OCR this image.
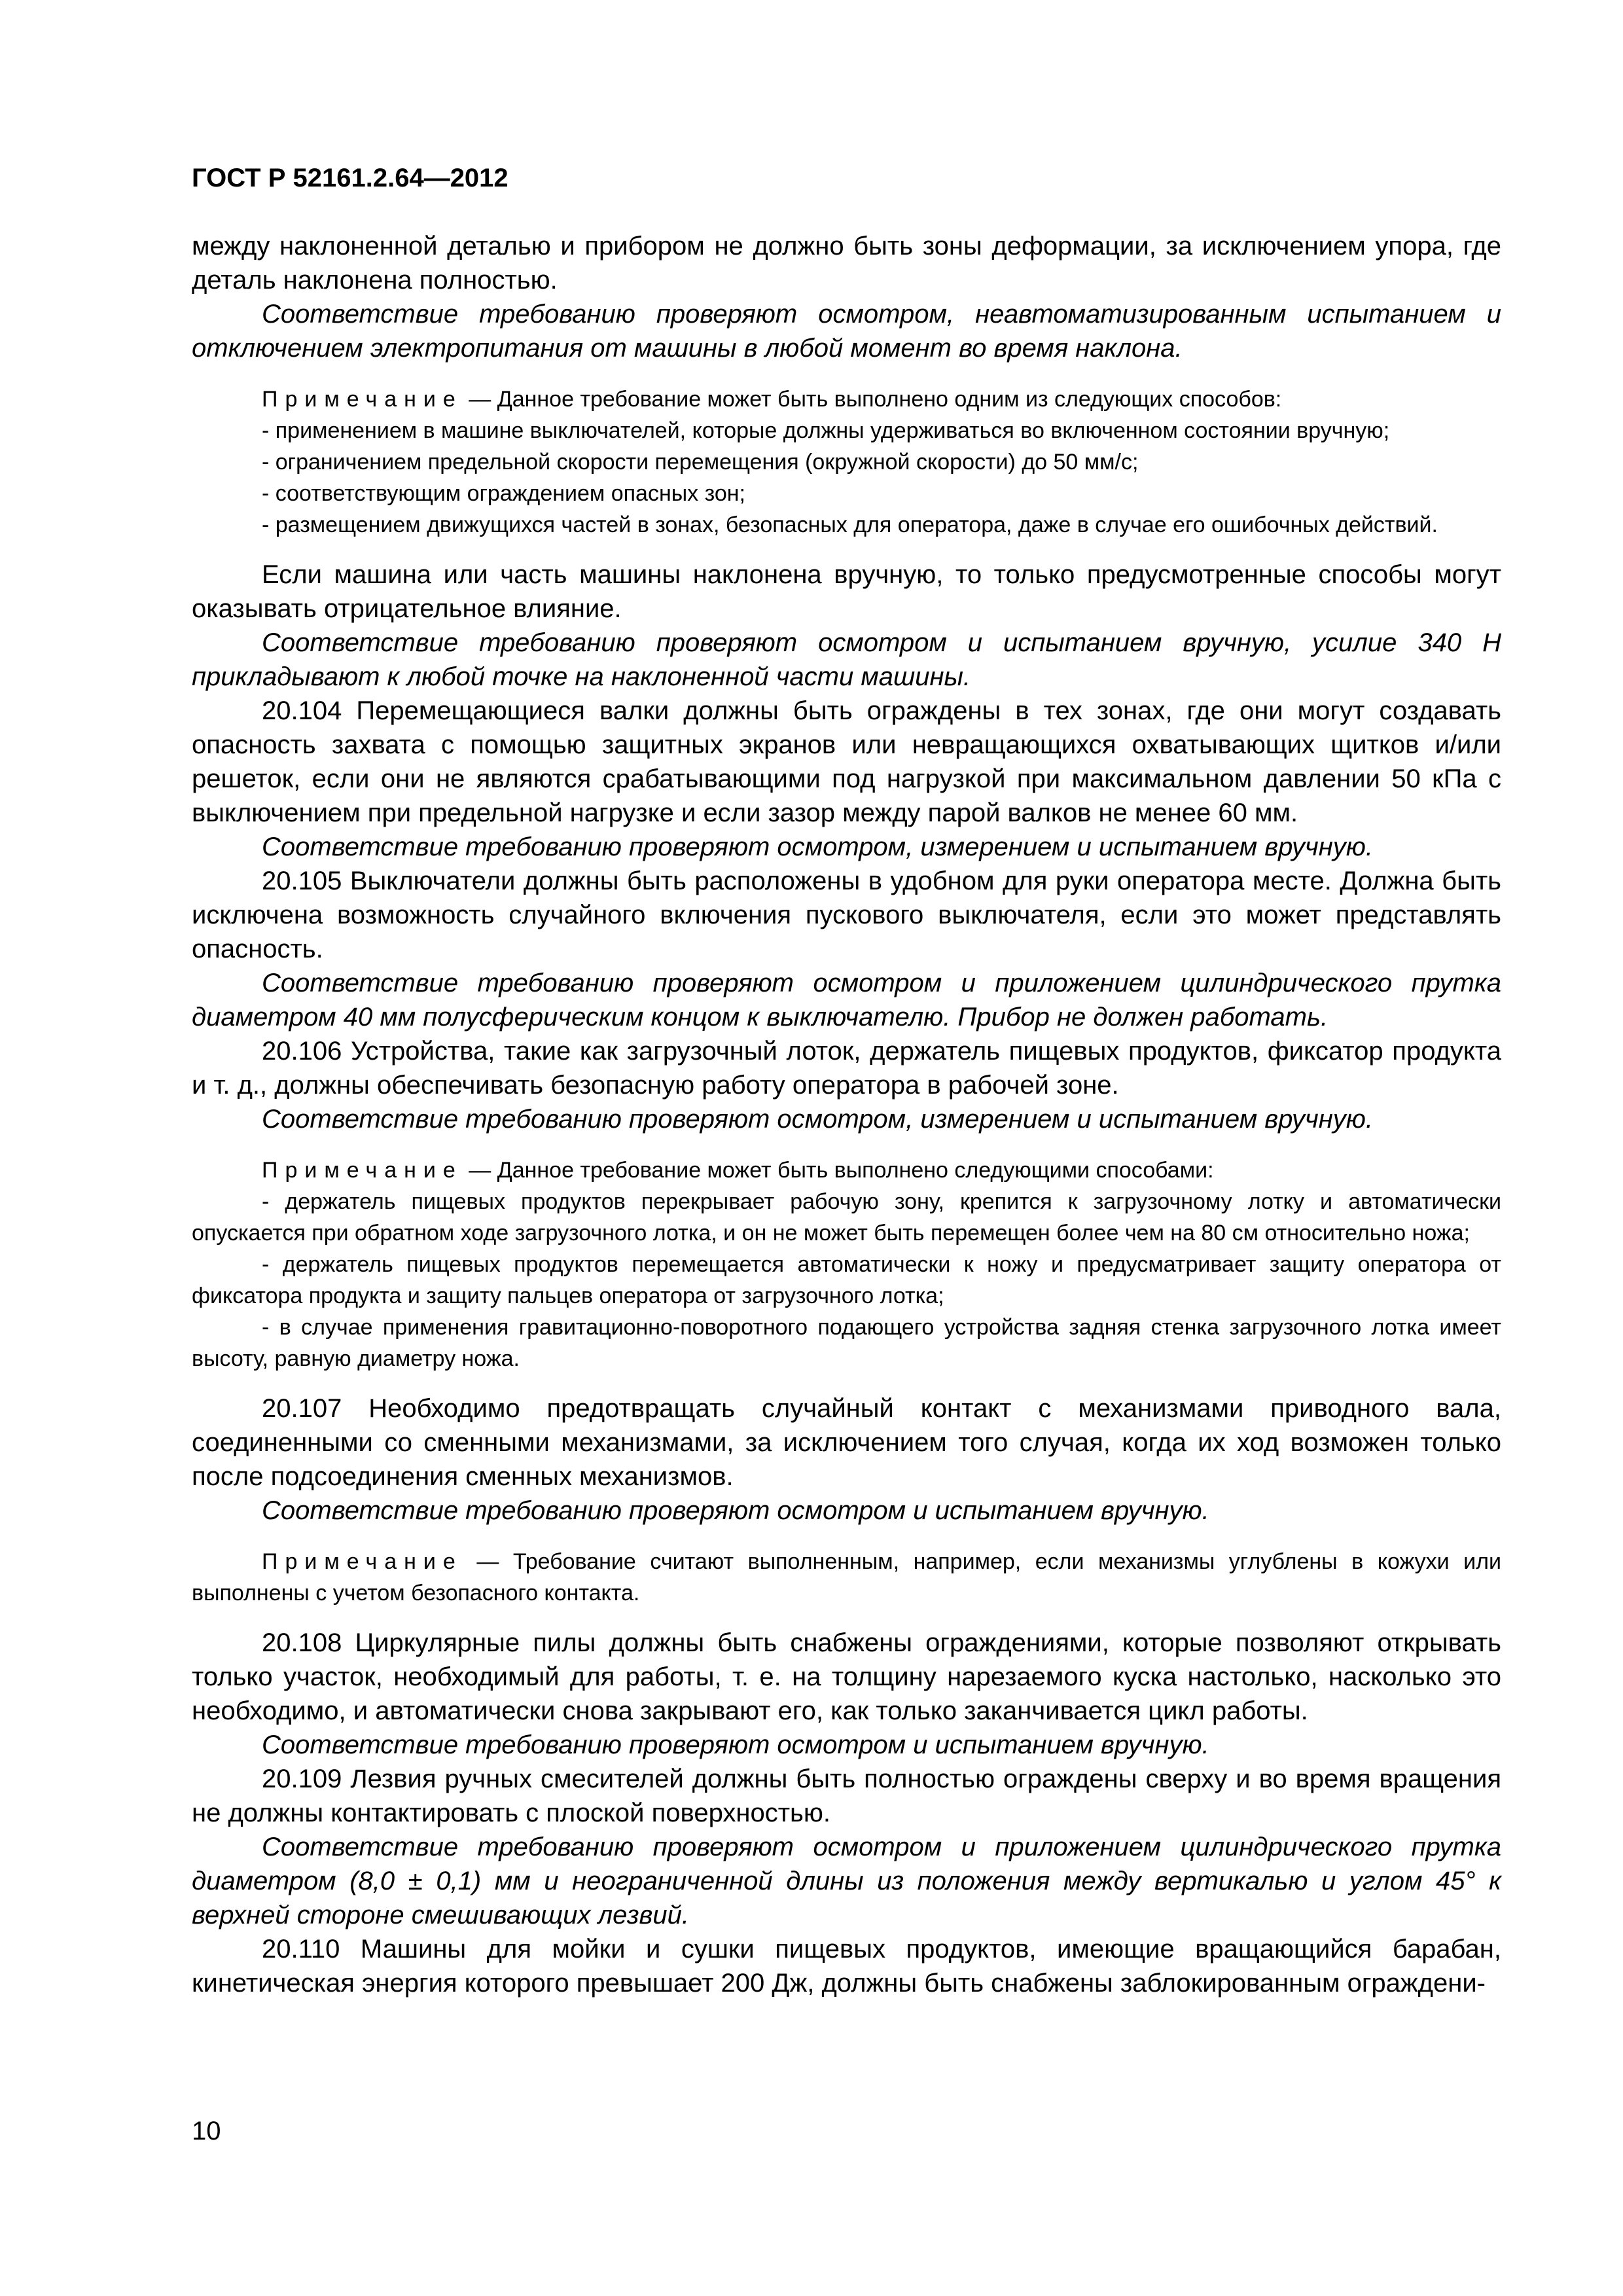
ГОСТ Р 52161.2.64—2012

между наклоненной деталью и прибором не должно быть зоны деформации, за исключением упора, где деталь наклонена полностью.

Соответствие требованию проверяют осмотром, неавтоматизированным испытанием и отключением электропитания от машины в любой момент во время наклона.

Примечание — Данное требование может быть выполнено одним из следующих способов:

- применением в машине выключателей, которые должны удерживаться во включенном состоянии вручную;

- ограничением предельной скорости перемещения (окружной скорости) до 50 мм/с;

- соответствующим ограждением опасных зон;

- размещением движущихся частей в зонах, безопасных для оператора, даже в случае его ошибочных действий.

Если машина или часть машины наклонена вручную, то только предусмотренные способы могут оказывать отрицательное влияние.

Соответствие требованию проверяют осмотром и испытанием вручную, усилие 340 Н прикладывают к любой точке на наклоненной части машины.

20.104 Перемещающиеся валки должны быть ограждены в тех зонах, где они могут создавать опасность захвата с помощью защитных экранов или невращающихся охватывающих щитков и/или решеток, если они не являются срабатывающими под нагрузкой при максимальном давлении 50 кПа с выключением при предельной нагрузке и если зазор между парой валков не менее 60 мм.

Соответствие требованию проверяют осмотром, измерением и испытанием вручную.

20.105 Выключатели должны быть расположены в удобном для руки оператора месте. Должна быть исключена возможность случайного включения пускового выключателя, если это может представлять опасность.

Соответствие требованию проверяют осмотром и приложением цилиндрического прутка диаметром 40 мм полусферическим концом к выключателю. Прибор не должен работать.

20.106 Устройства, такие как загрузочный лоток, держатель пищевых продуктов, фиксатор продукта и т. д., должны обеспечивать безопасную работу оператора в рабочей зоне.

Соответствие требованию проверяют осмотром, измерением и испытанием вручную.

Примечание — Данное требование может быть выполнено следующими способами:

- держатель пищевых продуктов перекрывает рабочую зону, крепится к загрузочному лотку и автоматически опускается при обратном ходе загрузочного лотка, и он не может быть перемещен более чем на 80 см относительно ножа;

- держатель пищевых продуктов перемещается автоматически к ножу и предусматривает защиту оператора от фиксатора продукта и защиту пальцев оператора от загрузочного лотка;

- в случае применения гравитационно-поворотного подающего устройства задняя стенка загрузочного лотка имеет высоту, равную диаметру ножа.

20.107 Необходимо предотвращать случайный контакт с механизмами приводного вала, соединенными со сменными механизмами, за исключением того случая, когда их ход возможен только после подсоединения сменных механизмов.

Соответствие требованию проверяют осмотром и испытанием вручную.

Примечание — Требование считают выполненным, например, если механизмы углублены в кожухи или выполнены с учетом безопасного контакта.

20.108 Циркулярные пилы должны быть снабжены ограждениями, которые позволяют открывать только участок, необходимый для работы, т. е. на толщину нарезаемого куска настолько, насколько это необходимо, и автоматически снова закрывают его, как только заканчивается цикл работы.

Соответствие требованию проверяют осмотром и испытанием вручную.

20.109 Лезвия ручных смесителей должны быть полностью ограждены сверху и во время вращения не должны контактировать с плоской поверхностью.

Соответствие требованию проверяют осмотром и приложением цилиндрического прутка диаметром (8,0 ± 0,1) мм и неограниченной длины из положения между вертикалью и углом 45° к верхней стороне смешивающих лезвий.

20.110 Машины для мойки и сушки пищевых продуктов, имеющие вращающийся барабан, кинетическая энергия которого превышает 200 Дж, должны быть снабжены заблокированным ограждени-

10
